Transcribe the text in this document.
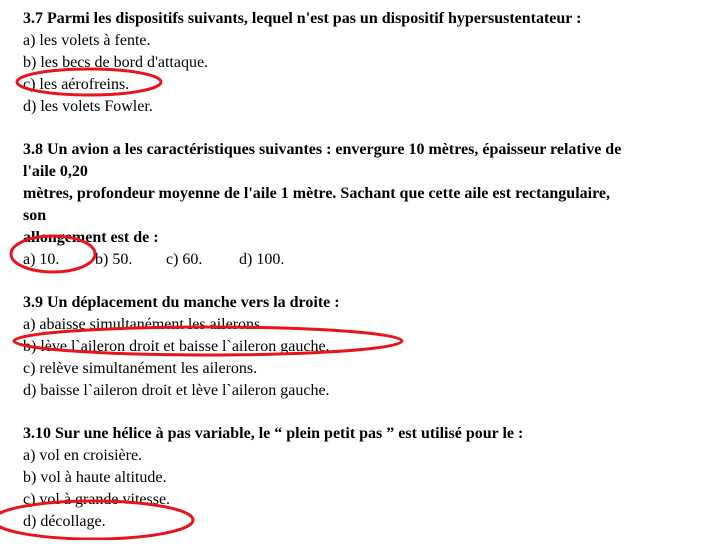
3.7 Parmi les dispositifs suivants, lequel n'est pas un dispositif hypersustentateur :

a) les volets à fente.

b) les becs de bord d'attaque.

c) les aérofreins.

d) les volets Fowler.

3.8 Un avion a les caractéristiques suivantes : envergure 10 mètres, épaisseur relative de

l'aile 0,20

mètres, profondeur moyenne de l'aile 1 mètre. Sachant que cette aile est rectangulaire,

son

allongement est de :

a) 10. b) 50. c) 60. d) 100.

3.9 Un déplacement du manche vers la droite :

a) abaisse simultanément les ailerons.

b) lève l`aileron droit et baisse l`aileron gauche.

c) relève simultanément les ailerons.

d) baisse l`aileron droit et lève l`aileron gauche.

3.10 Sur une hélice à pas variable, le “ plein petit pas ” est utilisé pour le :

a) vol en croisière.

b) vol à haute altitude.

c) vol à grande vitesse.

d) décollage.
